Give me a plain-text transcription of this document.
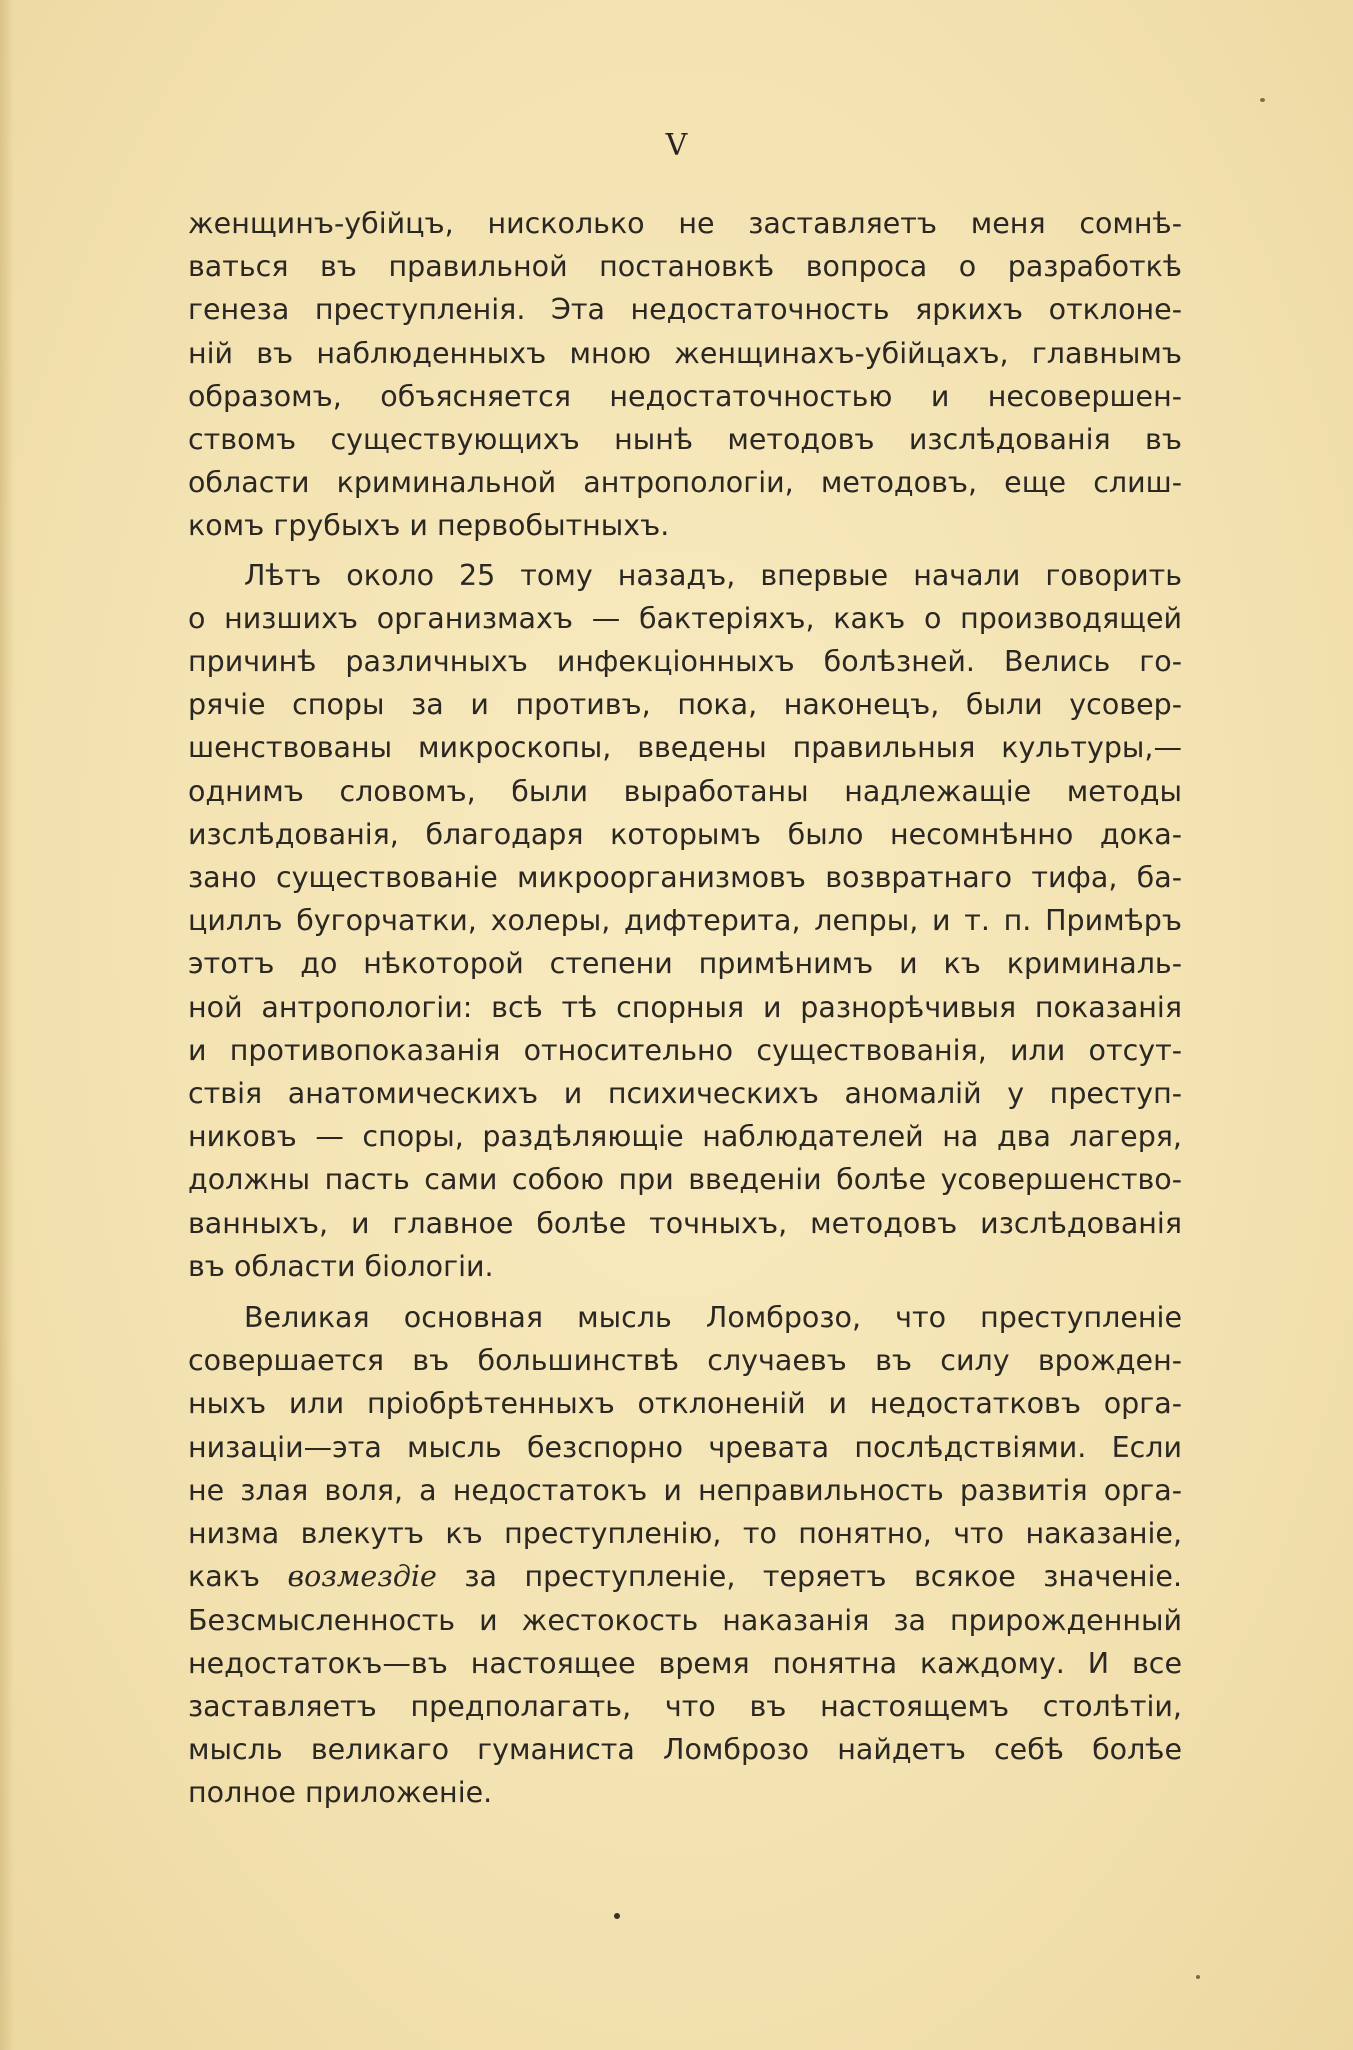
V
женщинъ-убійцъ, нисколько не заставляетъ меня сомнѣ-
ваться въ правильной постановкѣ вопроса о разработкѣ
генеза преступленія. Эта недостаточность яркихъ отклоне-
ній въ наблюденныхъ мною женщинахъ-убійцахъ, главнымъ
образомъ, объясняется недостаточностью и несовершен-
ствомъ существующихъ нынѣ методовъ изслѣдованія въ
области криминальной антропологіи, методовъ, еще слиш-
комъ грубыхъ и первобытныхъ.
Лѣтъ около 25 тому назадъ, впервые начали говорить
о низшихъ организмахъ — бактеріяхъ, какъ о производящей
причинѣ различныхъ инфекціонныхъ болѣзней. Велись го-
рячіе споры за и противъ, пока, наконецъ, были усовер-
шенствованы микроскопы, введены правильныя культуры,—
однимъ словомъ, были выработаны надлежащіе методы
изслѣдованія, благодаря которымъ было несомнѣнно дока-
зано существованіе микроорганизмовъ возвратнаго тифа, ба-
циллъ бугорчатки, холеры, дифтерита, лепры, и т. п. Примѣръ
этотъ до нѣкоторой степени примѣнимъ и къ криминаль-
ной антропологіи: всѣ тѣ спорныя и разнорѣчивыя показанія
и противопоказанія относительно существованія, или отсут-
ствія анатомическихъ и психическихъ аномалій у преступ-
никовъ — споры, раздѣляющіе наблюдателей на два лагеря,
должны пасть сами собою при введеніи болѣе усовершенство-
ванныхъ, и главное болѣе точныхъ, методовъ изслѣдованія
въ области біологіи.
Великая основная мысль Ломброзо, что преступленіе
совершается въ большинствѣ случаевъ въ силу врожден-
ныхъ или пріобрѣтенныхъ отклоненій и недостатковъ орга-
низаціи—эта мысль безспорно чревата послѣдствіями. Если
не злая воля, а недостатокъ и неправильность развитія орга-
низма влекутъ къ преступленію, то понятно, что наказаніе,
какъ возмездіе за преступленіе, теряетъ всякое значеніе.
Безсмысленность и жестокость наказанія за прирожденный
недостатокъ—въ настоящее время понятна каждому. И все
заставляетъ предполагать, что въ настоящемъ столѣтіи,
мысль великаго гуманиста Ломброзо найдетъ себѣ болѣе
полное приложеніе.
